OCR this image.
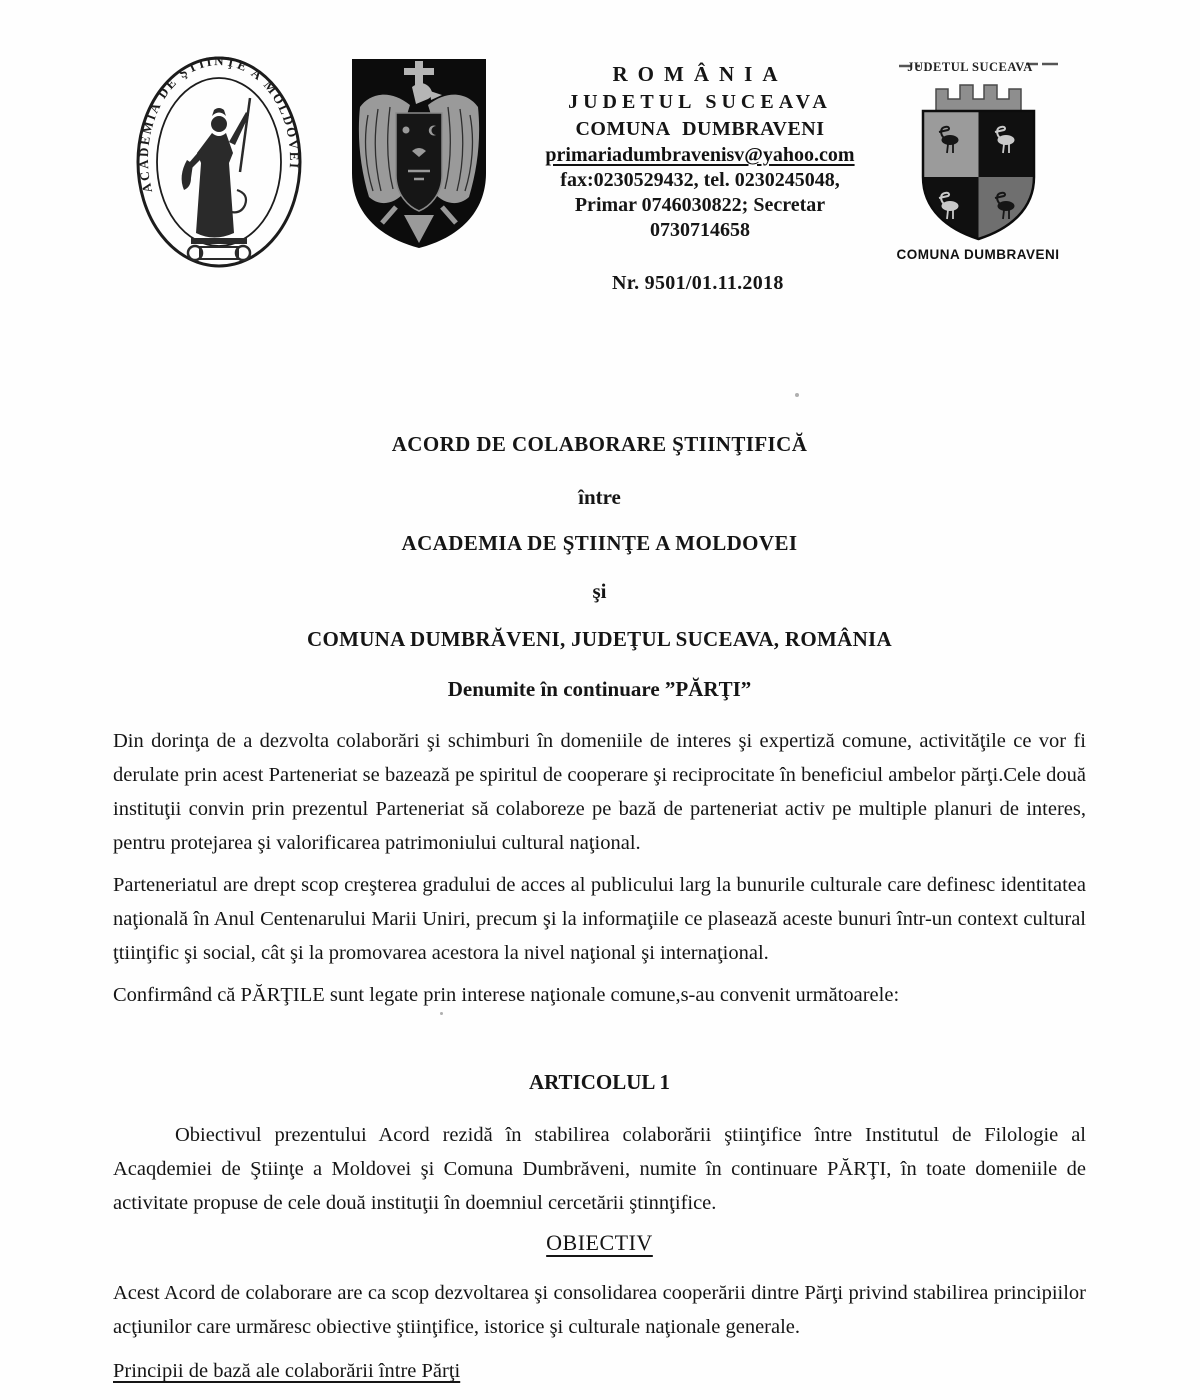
ACADEMIA DE ŞTIINŢE A MOLDOVEI
ROMÂNIA
JUDETUL SUCEAVA
COMUNA DUMBRAVENI
primariadumbravenisv@yahoo.com
fax:0230529432, tel. 0230245048,
Primar 0746030822; Secretar
0730714658
JUDETUL SUCEAVA
COMUNA DUMBRAVENI
Nr. 9501/01.11.2018
ACORD DE COLABORARE ŞTIINŢIFICĂ
între
ACADEMIA DE ŞTIINŢE A MOLDOVEI
şi
COMUNA DUMBRĂVENI, JUDEŢUL SUCEAVA, ROMÂNIA
Denumite în continuare ”PĂRŢI”

Din dorinţa de a dezvolta colaborări şi schimburi în domeniile de interes şi expertiză comune, activităţile ce vor fi derulate prin acest Parteneriat se bazează pe spiritul de cooperare şi reciprocitate în beneficiul ambelor părţi.Cele două instituţii convin prin prezentul Parteneriat să colaboreze pe bază de parteneriat activ pe multiple planuri de interes, pentru protejarea şi valorificarea patrimoniului cultural naţional.

Parteneriatul are drept scop creşterea gradului de acces al publicului larg la bunurile culturale care definesc identitatea naţională în Anul Centenarului Marii Uniri, precum şi la informaţiile ce plasează aceste bunuri într-un context cultural ţtiinţific şi social, cât şi la promovarea acestora la nivel naţional şi internaţional.

Confirmând că PĂRŢILE sunt legate prin interese naţionale comune,s-au convenit următoarele:

ARTICOLUL 1

Obiectivul prezentului Acord rezidă în stabilirea colaborării ştiinţifice între Institutul de Filologie al Acaqdemiei de Ştiinţe a Moldovei şi Comuna Dumbrăveni, numite în continuare PĂRŢI, în toate domeniile de activitate propuse de cele două instituţii în doemniul cercetării ştinnţifice.

OBIECTIV

Acest Acord de colaborare are ca scop dezvoltarea şi consolidarea cooperării dintre Părţi privind stabilirea principiilor acţiunilor care urmăresc obiective ştiinţifice, istorice şi culturale naţionale generale.

Principii de bază ale colaborării între Părţi
